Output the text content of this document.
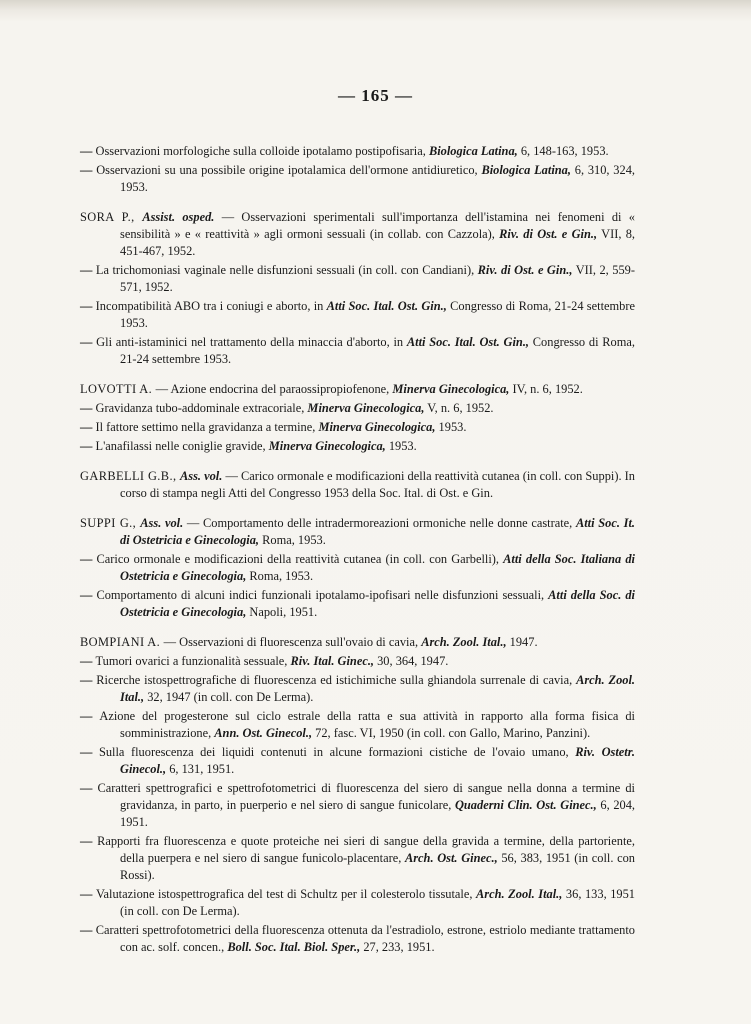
— 165 —

— Osservazioni morfologiche sulla colloide ipotalamo postipofisaria, Biologica Latina, 6, 148-163, 1953.

— Osservazioni su una possibile origine ipotalamica dell'ormone antidiuretico, Biologica Latina, 6, 310, 324, 1953.

SORA P., Assist. osped. — Osservazioni sperimentali sull'importanza dell'istamina nei fenomeni di « sensibilità » e « reattività » agli ormoni sessuali (in collab. con Cazzola), Riv. di Ost. e Gin., VII, 8, 451-467, 1952.

— La trichomoniasi vaginale nelle disfunzioni sessuali (in coll. con Candiani), Riv. di Ost. e Gin., VII, 2, 559-571, 1952.

— Incompatibilità ABO tra i coniugi e aborto, in Atti Soc. Ital. Ost. Gin., Congresso di Roma, 21-24 settembre 1953.

— Gli anti-istaminici nel trattamento della minaccia d'aborto, in Atti Soc. Ital. Ost. Gin., Congresso di Roma, 21-24 settembre 1953.

LOVOTTI A. — Azione endocrina del paraossipropiofenone, Minerva Ginecologica, IV, n. 6, 1952.

— Gravidanza tubo-addominale extracoriale, Minerva Ginecologica, V, n. 6, 1952.

— Il fattore settimo nella gravidanza a termine, Minerva Ginecologica, 1953.

— L'anafilassi nelle coniglie gravide, Minerva Ginecologica, 1953.

GARBELLI G.B., Ass. vol. — Carico ormonale e modificazioni della reattività cutanea (in coll. con Suppi). In corso di stampa negli Atti del Congresso 1953 della Soc. Ital. di Ost. e Gin.

SUPPI G., Ass. vol. — Comportamento delle intradermoreazioni ormoniche nelle donne castrate, Atti Soc. It. di Ostetricia e Ginecologia, Roma, 1953.

— Carico ormonale e modificazioni della reattività cutanea (in coll. con Garbelli), Atti della Soc. Italiana di Ostetricia e Ginecologia, Roma, 1953.

— Comportamento di alcuni indici funzionali ipotalamo-ipofisari nelle disfunzioni sessuali, Atti della Soc. di Ostetricia e Ginecologia, Napoli, 1951.

BOMPIANI A. — Osservazioni di fluorescenza sull'ovaio di cavia, Arch. Zool. Ital., 1947.

— Tumori ovarici a funzionalità sessuale, Riv. Ital. Ginec., 30, 364, 1947.

— Ricerche istospettrografiche di fluorescenza ed istichimiche sulla ghiandola surrenale di cavia, Arch. Zool. Ital., 32, 1947 (in coll. con De Lerma).

— Azione del progesterone sul ciclo estrale della ratta e sua attività in rapporto alla forma fisica di somministrazione, Ann. Ost. Ginecol., 72, fasc. VI, 1950 (in coll. con Gallo, Marino, Panzini).

— Sulla fluorescenza dei liquidi contenuti in alcune formazioni cistiche de l'ovaio umano, Riv. Ostetr. Ginecol., 6, 131, 1951.

— Caratteri spettrografici e spettrofotometrici di fluorescenza del siero di sangue nella donna a termine di gravidanza, in parto, in puerperio e nel siero di sangue funicolare, Quaderni Clin. Ost. Ginec., 6, 204, 1951.

— Rapporti fra fluorescenza e quote proteiche nei sieri di sangue della gravida a termine, della partoriente, della puerpera e nel siero di sangue funicolo-placentare, Arch. Ost. Ginec., 56, 383, 1951 (in coll. con Rossi).

— Valutazione istospettrografica del test di Schultz per il colesterolo tissutale, Arch. Zool. Ital., 36, 133, 1951 (in coll. con De Lerma).

— Caratteri spettrofotometrici della fluorescenza ottenuta da l'estradiolo, estrone, estriolo mediante trattamento con ac. solf. concen., Boll. Soc. Ital. Biol. Sper., 27, 233, 1951.
